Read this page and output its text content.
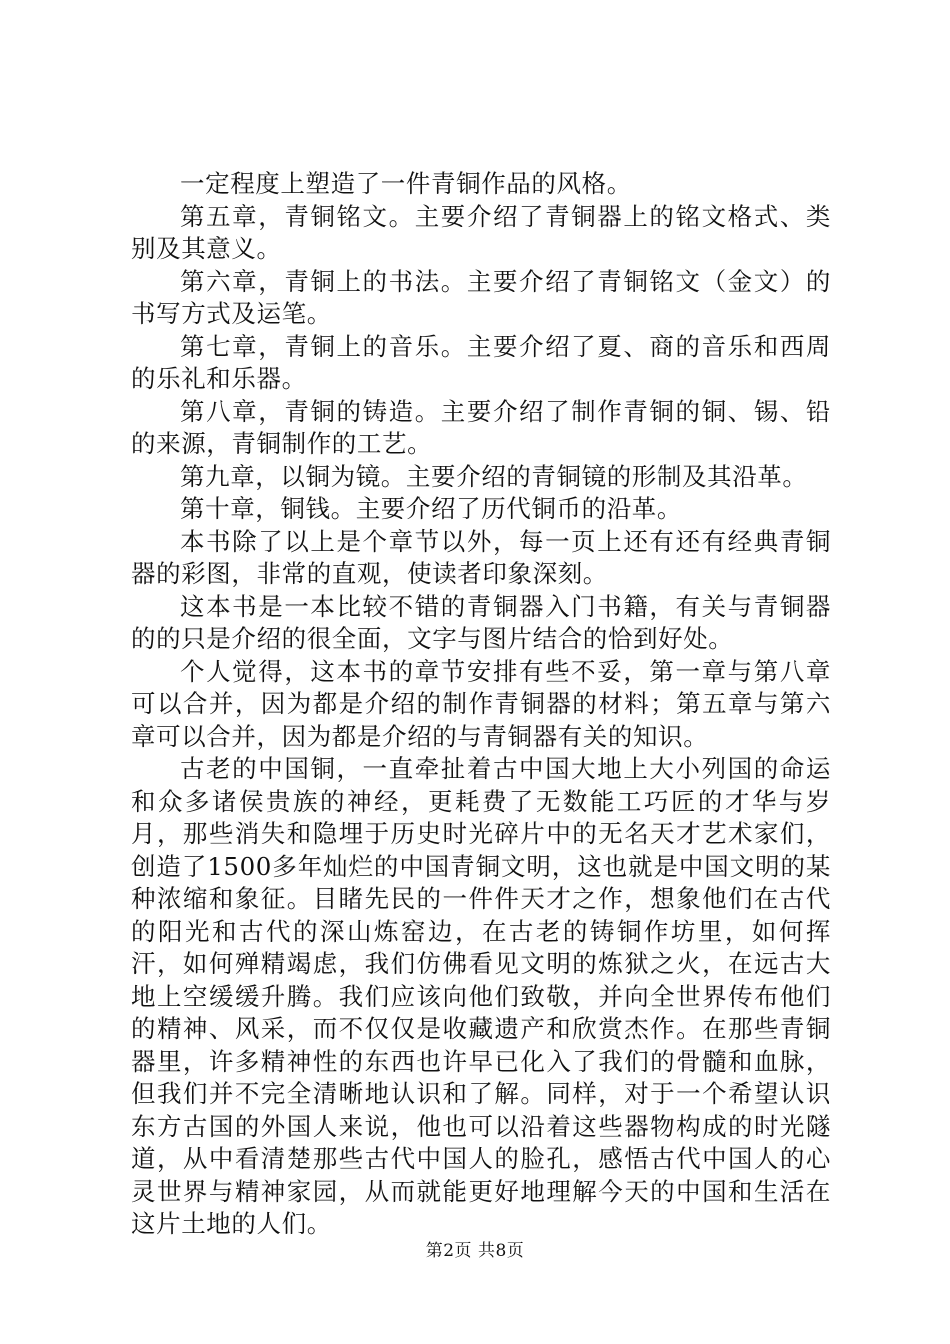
一定程度上塑造了一件青铜作品的风格。

第五章，青铜铭文。主要介绍了青铜器上的铭文格式、类别及其意义。

第六章，青铜上的书法。主要介绍了青铜铭文（金文）的书写方式及运笔。

第七章，青铜上的音乐。主要介绍了夏、商的音乐和西周的乐礼和乐器。

第八章，青铜的铸造。主要介绍了制作青铜的铜、锡、铅的来源，青铜制作的工艺。

第九章，以铜为镜。主要介绍的青铜镜的形制及其沿革。

第十章，铜钱。主要介绍了历代铜币的沿革。

本书除了以上是个章节以外，每一页上还有还有经典青铜器的彩图，非常的直观，使读者印象深刻。

这本书是一本比较不错的青铜器入门书籍，有关与青铜器的的只是介绍的很全面，文字与图片结合的恰到好处。

个人觉得，这本书的章节安排有些不妥，第一章与第八章可以合并，因为都是介绍的制作青铜器的材料；第五章与第六章可以合并，因为都是介绍的与青铜器有关的知识。

古老的中国铜，一直牵扯着古中国大地上大小列国的命运和众多诸侯贵族的神经，更耗费了无数能工巧匠的才华与岁月，那些消失和隐埋于历史时光碎片中的无名天才艺术家们，创造了1500多年灿烂的中国青铜文明，这也就是中国文明的某种浓缩和象征。目睹先民的一件件天才之作，想象他们在古代的阳光和古代的深山炼窑边，在古老的铸铜作坊里，如何挥汗，如何殚精竭虑，我们仿佛看见文明的炼狱之火，在远古大地上空缓缓升腾。我们应该向他们致敬，并向全世界传布他们的精神、风采，而不仅仅是收藏遗产和欣赏杰作。在那些青铜器里，许多精神性的东西也许早已化入了我们的骨髓和血脉，但我们并不完全清晰地认识和了解。同样，对于一个希望认识东方古国的外国人来说，他也可以沿着这些器物构成的时光隧道，从中看清楚那些古代中国人的脸孔，感悟古代中国人的心灵世界与精神家园，从而就能更好地理解今天的中国和生活在这片土地的人们。

第2页 共8页
